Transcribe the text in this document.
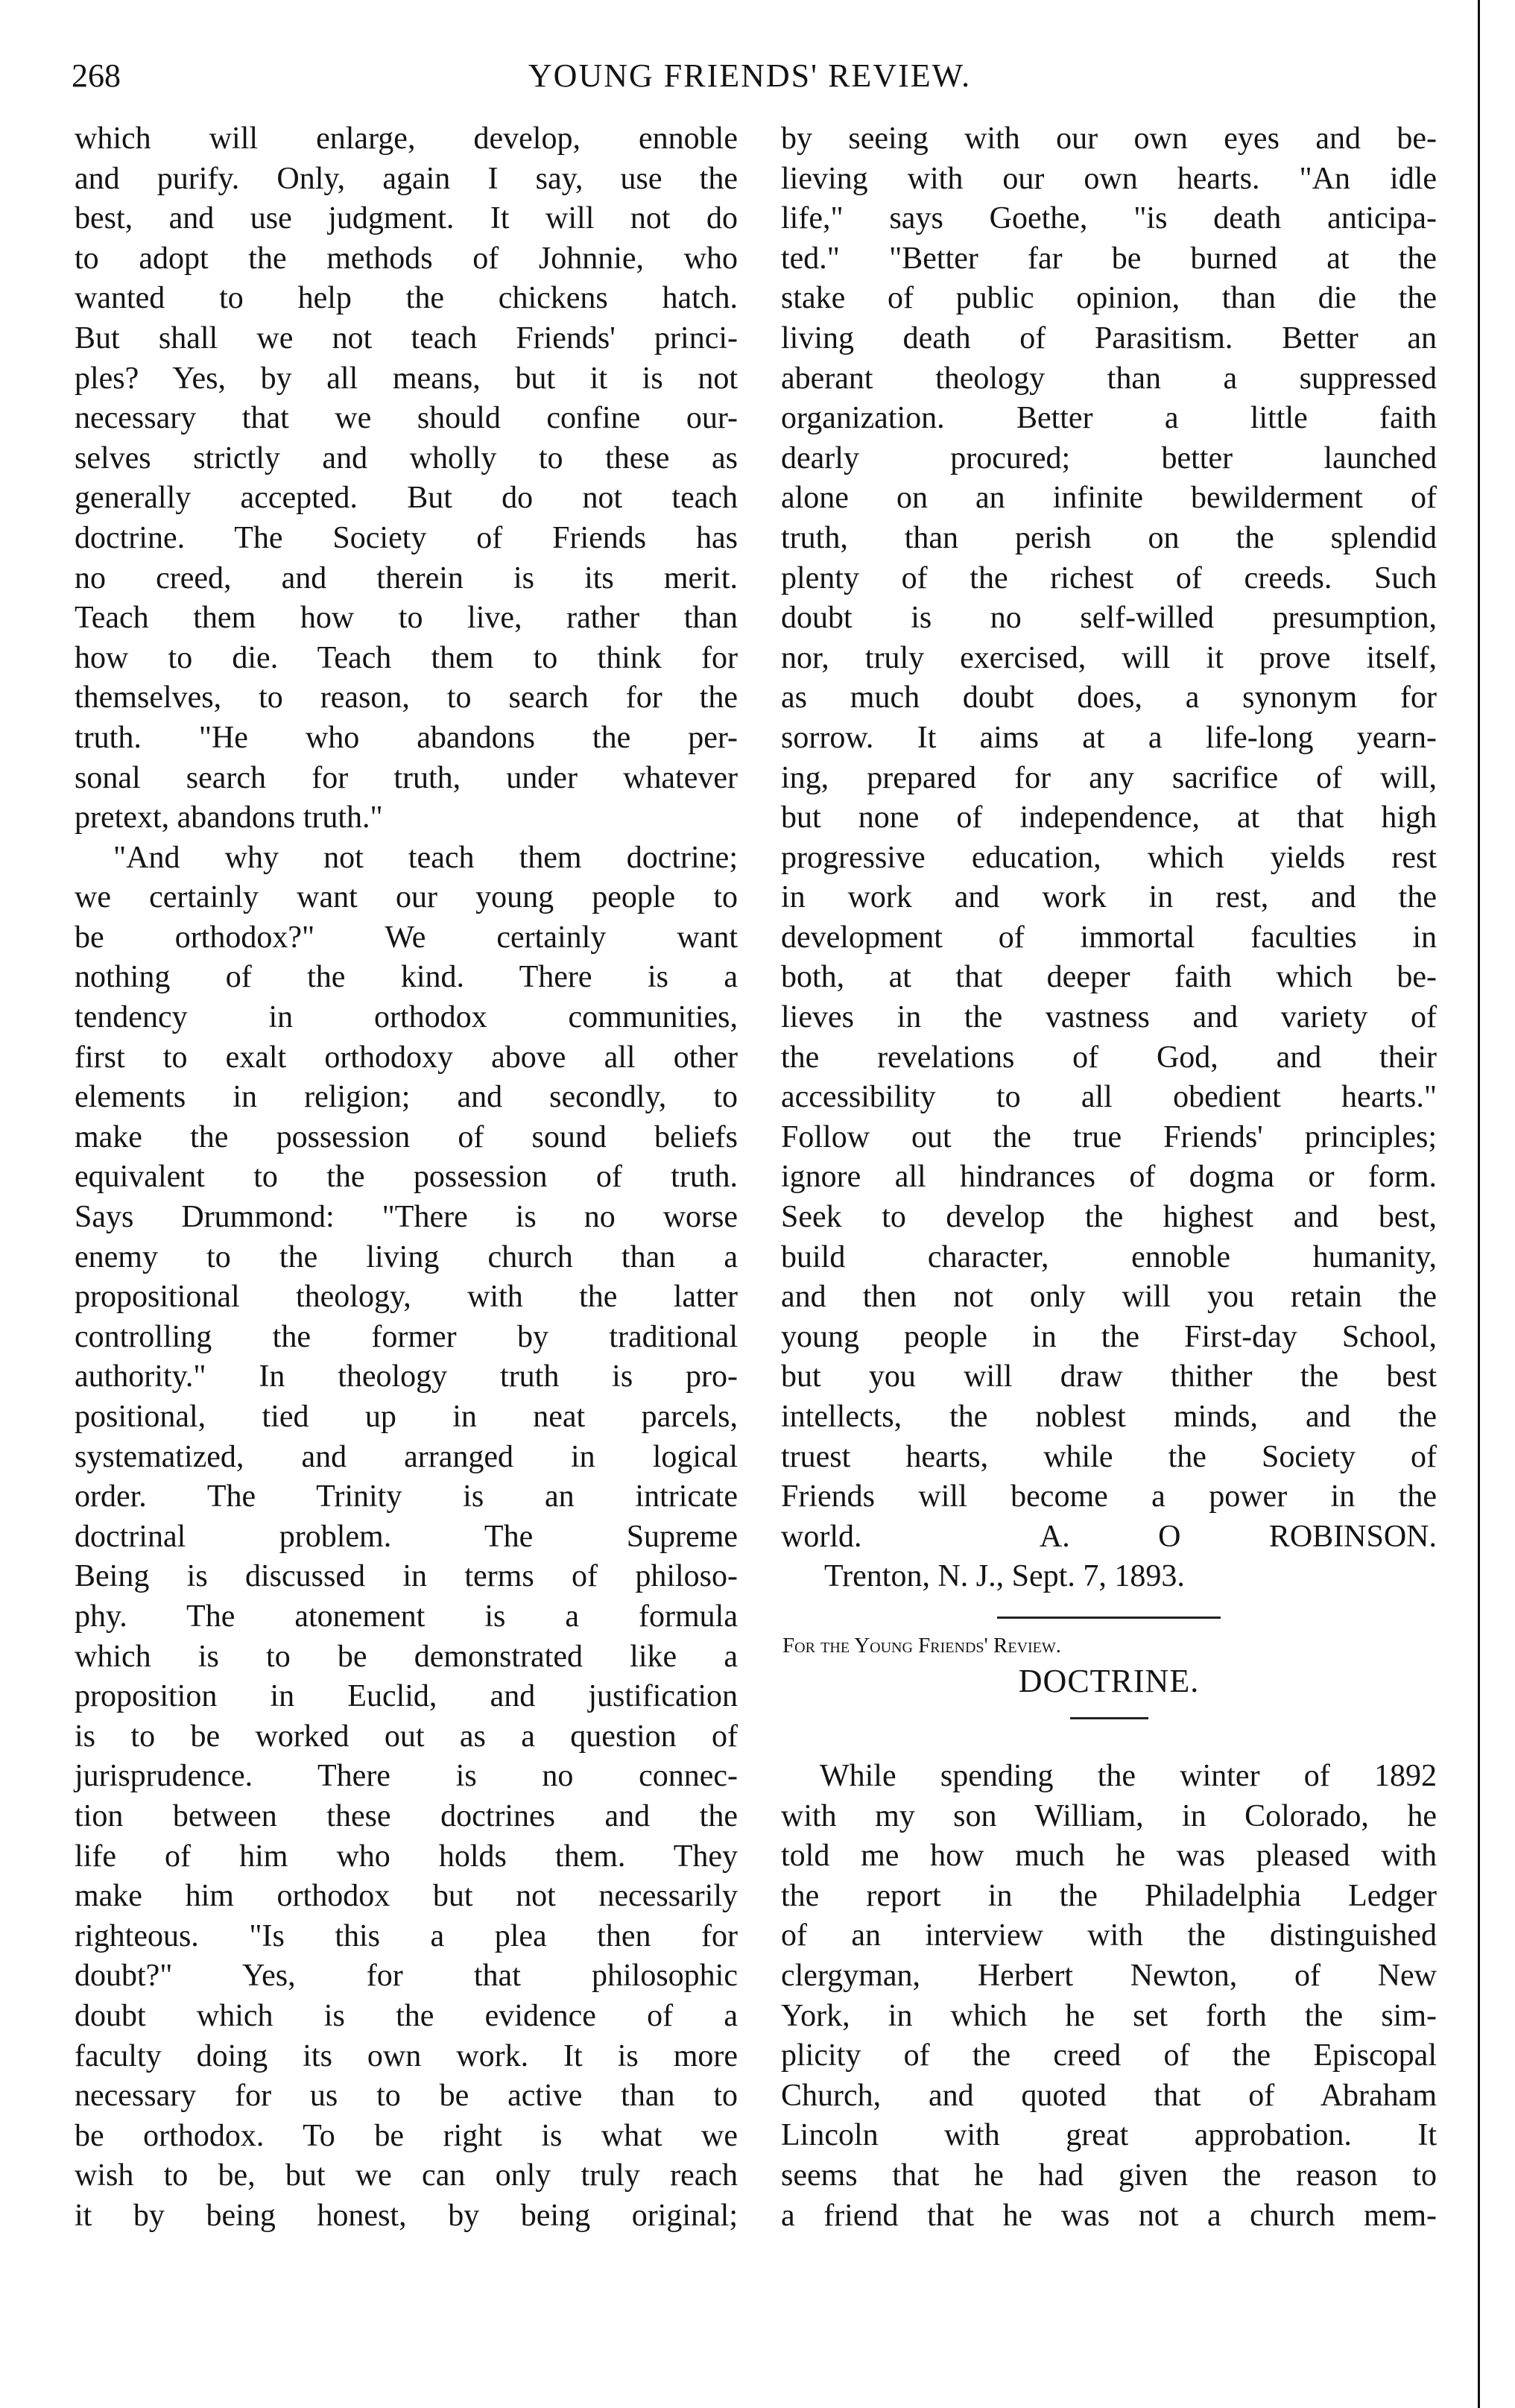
268	YOUNG FRIENDS' REVIEW.
which will enlarge, develop, ennoble
and purify. Only, again I say, use the
best, and use judgment. It will not do
to adopt the methods of Johnnie, who
wanted to help the chickens hatch.
But shall we not teach Friends' princi-
ples? Yes, by all means, but it is not
necessary that we should confine our-
selves strictly and wholly to these as
generally accepted. But do not teach
doctrine. The Society of Friends has
no creed, and therein is its merit.
Teach them how to live, rather than
how to die. Teach them to think for
themselves, to reason, to search for the
truth. "He who abandons the per-
sonal search for truth, under whatever
pretext, abandons truth."
"And why not teach them doctrine;
we certainly want our young people to
be orthodox?" We certainly want
nothing of the kind. There is a
tendency in orthodox communities,
first to exalt orthodoxy above all other
elements in religion; and secondly, to
make the possession of sound beliefs
equivalent to the possession of truth.
Says Drummond: "There is no worse
enemy to the living church than a
propositional theology, with the latter
controlling the former by traditional
authority." In theology truth is pro-
positional, tied up in neat parcels,
systematized, and arranged in logical
order. The Trinity is an intricate
doctrinal problem. The Supreme
Being is discussed in terms of philoso-
phy. The atonement is a formula
which is to be demonstrated like a
proposition in Euclid, and justification
is to be worked out as a question of
jurisprudence. There is no connec-
tion between these doctrines and the
life of him who holds them. They
make him orthodox but not necessarily
righteous. "Is this a plea then for
doubt?" Yes, for that philosophic
doubt which is the evidence of a
faculty doing its own work. It is more
necessary for us to be active than to
be orthodox. To be right is what we
wish to be, but we can only truly reach
it by being honest, by being original;
by seeing with our own eyes and be-
lieving with our own hearts. "An idle
life," says Goethe, "is death anticipa-
ted." "Better far be burned at the
stake of public opinion, than die the
living death of Parasitism. Better an
aberant theology than a suppressed
organization. Better a little faith
dearly procured; better launched
alone on an infinite bewilderment of
truth, than perish on the splendid
plenty of the richest of creeds. Such
doubt is no self-willed presumption,
nor, truly exercised, will it prove itself,
as much doubt does, a synonym for
sorrow. It aims at a life-long yearn-
ing, prepared for any sacrifice of will,
but none of independence, at that high
progressive education, which yields rest
in work and work in rest, and the
development of immortal faculties in
both, at that deeper faith which be-
lieves in the vastness and variety of
the revelations of God, and their
accessibility to all obedient hearts."
Follow out the true Friends' principles;
ignore all hindrances of dogma or form.
Seek to develop the highest and best,
build character, ennoble humanity,
and then not only will you retain the
young people in the First-day School,
but you will draw thither the best
intellects, the noblest minds, and the
truest hearts, while the Society of
Friends will become a power in the
world.	A. O ROBINSON.
Trenton, N. J., Sept. 7, 1893.
For the Young Friends' Review.
DOCTRINE.
While spending the winter of 1892
with my son William, in Colorado, he
told me how much he was pleased with
the report in the Philadelphia Ledger
of an interview with the distinguished
clergyman, Herbert Newton, of New
York, in which he set forth the sim-
plicity of the creed of the Episcopal
Church, and quoted that of Abraham
Lincoln with great approbation. It
seems that he had given the reason to
a friend that he was not a church mem-
